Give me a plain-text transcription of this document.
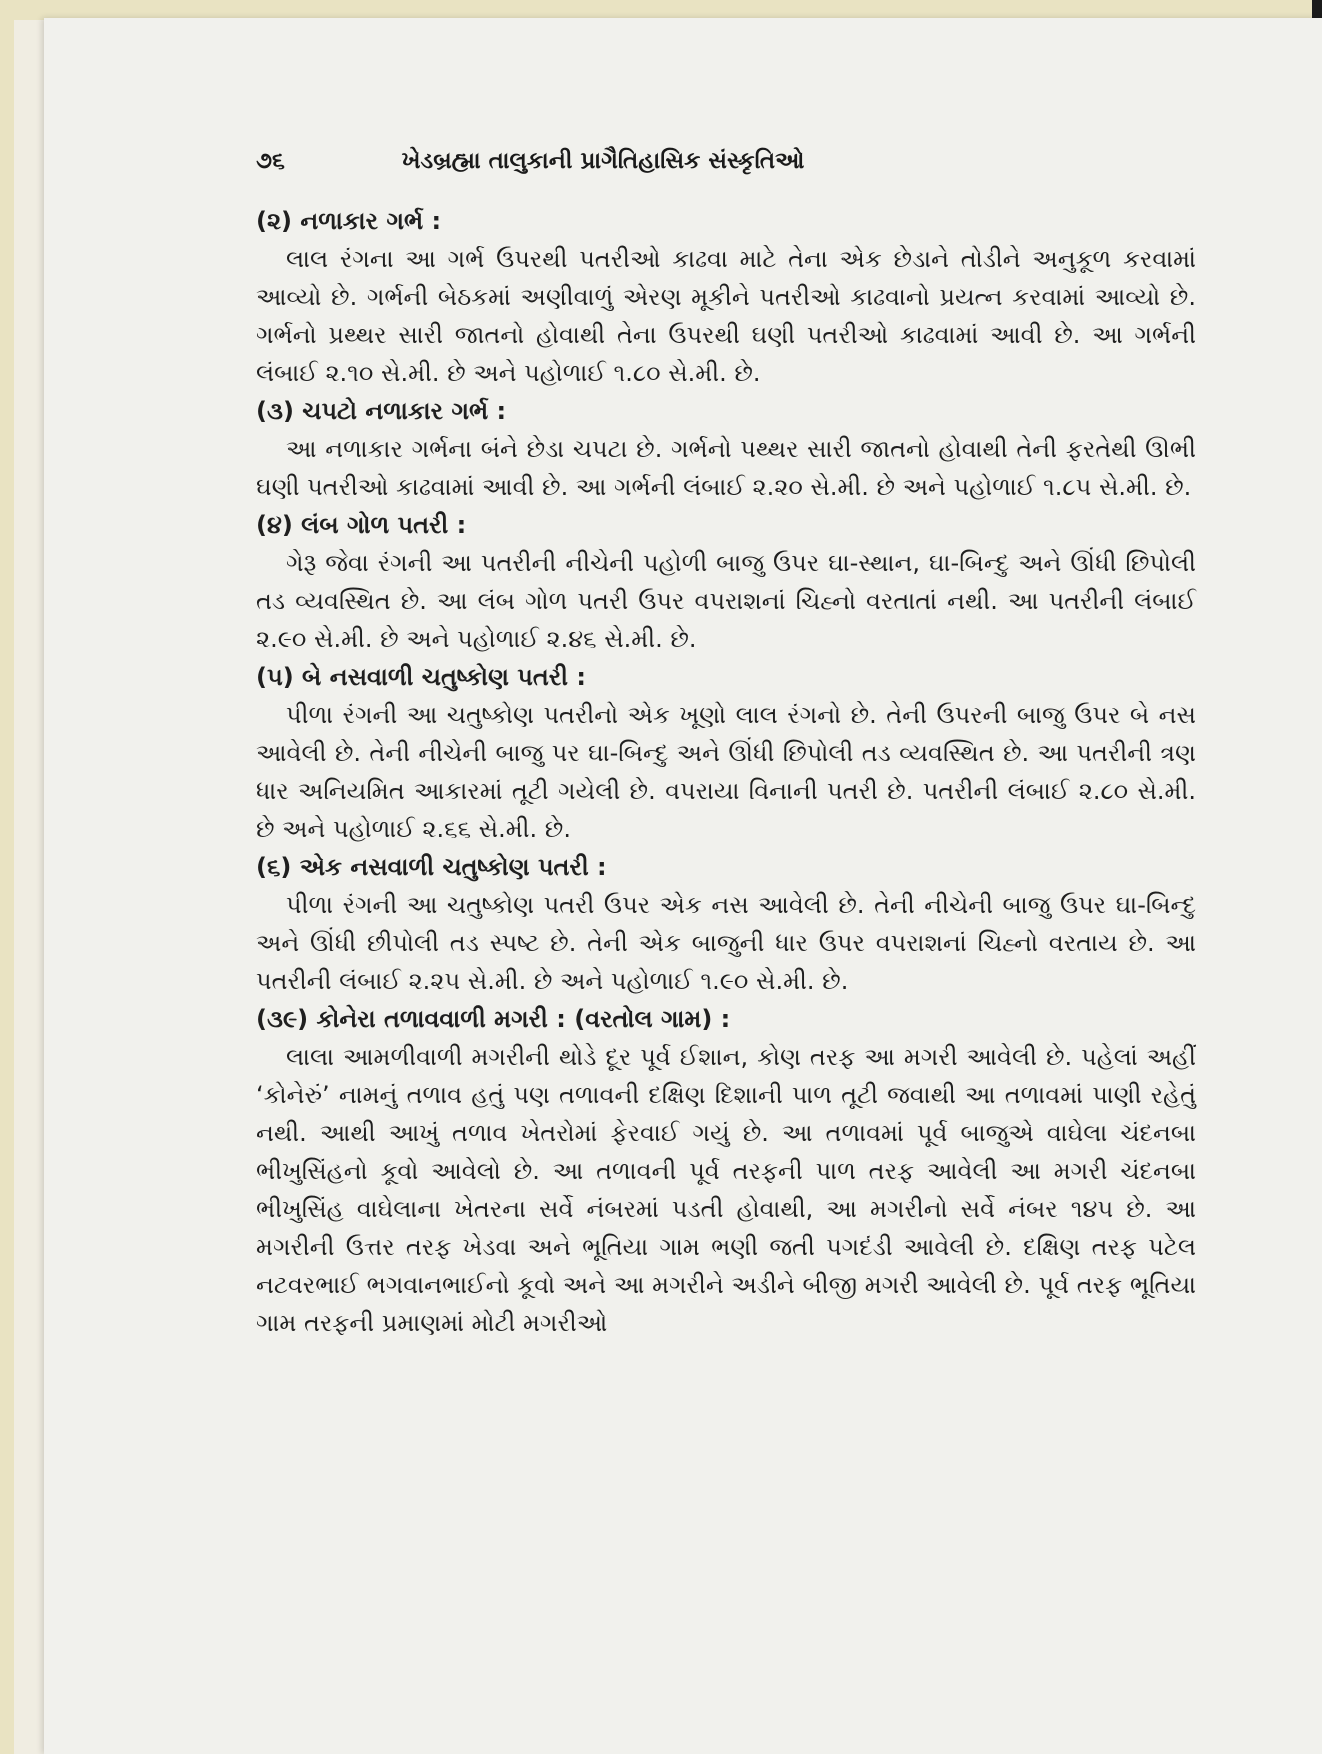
૭૬	ખેડબ્રહ્મા તાલુકાની પ્રાગૈતિહાસિક સંસ્કૃતિઓ

(૨) નળાકાર ગર્ભ :

લાલ રંગના આ ગર્ભ ઉપરથી પતરીઓ કાઢવા માટે તેના એક છેડાને તોડીને અનુકૂળ કરવામાં આવ્યો છે. ગર્ભની બેઠકમાં અણીવાળું એરણ મૂકીને પતરીઓ કાઢવાનો પ્રયત્ન કરવામાં આવ્યો છે. ગર્ભનો પ્રથ્થર સારી જાતનો હોવાથી તેના ઉપરથી ઘણી પતરીઓ કાઢવામાં આવી છે. આ ગર્ભની લંબાઈ ૨.૧૦ સે.મી. છે અને પહોળાઈ ૧.૮૦ સે.મી. છે.

(૩) ચપટો નળાકાર ગર્ભ :

આ નળાકાર ગર્ભના બંને છેડા ચપટા છે. ગર્ભનો પથ્થર સારી જાતનો હોવાથી તેની ફરતેથી ઊભી ઘણી પતરીઓ કાઢવામાં આવી છે. આ ગર્ભની લંબાઈ ૨.૨૦ સે.મી. છે અને પહોળાઈ ૧.૮૫ સે.મી. છે.

(૪) લંબ ગોળ પતરી :

ગેરૂ જેવા રંગની આ પતરીની નીચેની પહોળી બાજુ ઉપર ઘા-સ્થાન, ઘા-બિન્દુ અને ઊંધી છિપોલી તડ વ્યવસ્થિત છે. આ લંબ ગોળ પતરી ઉપર વપરાશનાં ચિહ્નો વરતાતાં નથી. આ પતરીની લંબાઈ ૨.૯૦ સે.મી. છે અને પહોળાઈ ૨.૪૬ સે.મી. છે.

(૫) બે નસવાળી ચતુષ્કોણ પતરી :

પીળા રંગની આ ચતુષ્કોણ પતરીનો એક ખૂણો લાલ રંગનો છે. તેની ઉપરની બાજુ ઉપર બે નસ આવેલી છે. તેની નીચેની બાજુ પર ઘા-બિન્દુ અને ઊંધી છિપોલી તડ વ્યવસ્થિત છે. આ પતરીની ત્રણ ધાર અનિયમિત આકારમાં તૂટી ગયેલી છે. વપરાયા વિનાની પતરી છે. પતરીની લંબાઈ ૨.૮૦ સે.મી. છે અને પહોળાઈ ૨.૬૬ સે.મી. છે.

(૬) એક નસવાળી ચતુષ્કોણ પતરી :

પીળા રંગની આ ચતુષ્કોણ પતરી ઉપર એક નસ આવેલી છે. તેની નીચેની બાજુ ઉપર ઘા-બિન્દુ અને ઊંધી છીપોલી તડ સ્પષ્ટ છે. તેની એક બાજુની ધાર ઉપર વપરાશનાં ચિહ્નો વરતાય છે. આ પતરીની લંબાઈ ૨.૨૫ સે.મી. છે અને પહોળાઈ ૧.૯૦ સે.મી. છે.

(૩૯) કોનેરા તળાવવાળી મગરી : (વરતોલ ગામ) :

લાલા આમળીવાળી મગરીની થોડે દૂર પૂર્વ ઈશાન, કોણ તરફ આ મગરી આવેલી છે. પહેલાં અહીં ‘કોનેરું’ નામનું તળાવ હતું પણ તળાવની દક્ષિણ દિશાની પાળ તૂટી જવાથી આ તળાવમાં પાણી રહેતું નથી. આથી આખું તળાવ ખેતરોમાં ફેરવાઈ ગયું છે. આ તળાવમાં પૂર્વ બાજુએ વાઘેલા ચંદનબા ભીખુસિંહનો કૂવો આવેલો છે. આ તળાવની પૂર્વ તરફની પાળ તરફ આવેલી આ મગરી ચંદનબા ભીખુસિંહ વાઘેલાના ખેતરના સર્વે નંબરમાં પડતી હોવાથી, આ મગરીનો સર્વે નંબર ૧૪૫ છે. આ મગરીની ઉત્તર તરફ ખેડવા અને ભૂતિયા ગામ ભણી જતી પગદંડી આવેલી છે. દક્ષિણ તરફ પટેલ નટવરભાઈ ભગવાનભાઈનો કૂવો અને આ મગરીને અડીને બીજી મગરી આવેલી છે. પૂર્વ તરફ ભૂતિયા ગામ તરફની પ્રમાણમાં મોટી મગરીઓ
